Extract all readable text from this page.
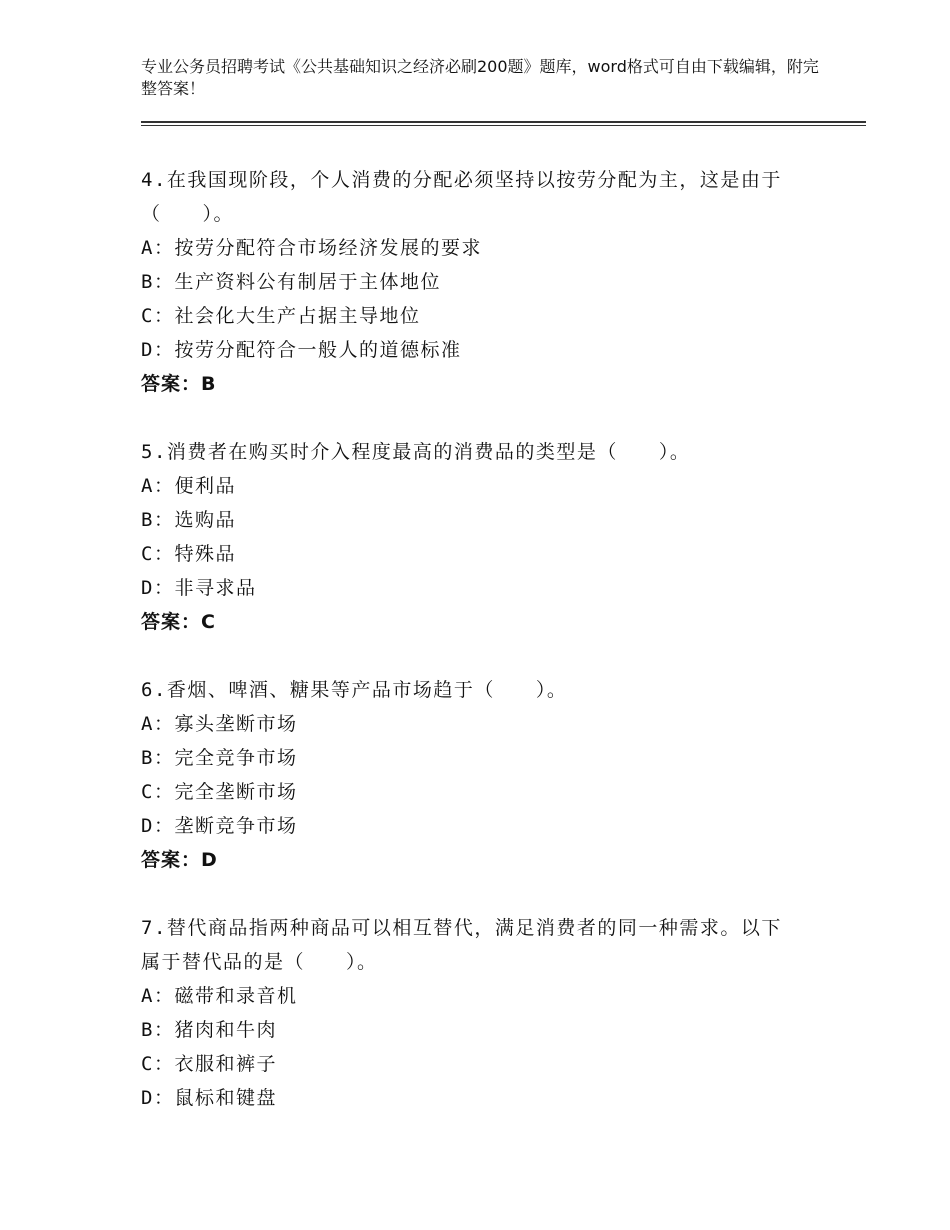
专业公务员招聘考试《公共基础知识之经济必刷200题》题库，word格式可自由下载编辑，附完整答案！
4.在我国现阶段，个人消费的分配必须坚持以按劳分配为主，这是由于（　　）。
A：按劳分配符合市场经济发展的要求
B：生产资料公有制居于主体地位
C：社会化大生产占据主导地位
D：按劳分配符合一般人的道德标准
答案：B
5.消费者在购买时介入程度最高的消费品的类型是（　　）。
A：便利品
B：选购品
C：特殊品
D：非寻求品
答案：C
6.香烟、啤酒、糖果等产品市场趋于（　　）。
A：寡头垄断市场
B：完全竞争市场
C：完全垄断市场
D：垄断竞争市场
答案：D
7.替代商品指两种商品可以相互替代，满足消费者的同一种需求。以下属于替代品的是（　　）。
A：磁带和录音机
B：猪肉和牛肉
C：衣服和裤子
D：鼠标和键盘
